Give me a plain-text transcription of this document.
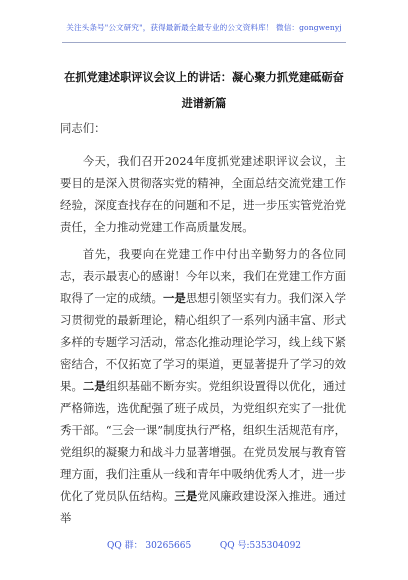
关注头条号"公文研究"，获得最新最全最专业的公文资料库！ 微信：gongwenyj
在抓党建述职评议会议上的讲话：凝心聚力抓党建砥砺奋
进谱新篇
同志们：
今天，我们召开2024年度抓党建述职评议会议，主要目的是深入贯彻落实党的精神，全面总结交流党建工作经验，深度查找存在的问题和不足，进一步压实管党治党责任，全力推动党建工作高质量发展。
首先，我要向在党建工作中付出辛勤努力的各位同志，表示最衷心的感谢！今年以来，我们在党建工作方面取得了一定的成绩。一是思想引领坚实有力。我们深入学习贯彻党的最新理论，精心组织了一系列内涵丰富、形式多样的专题学习活动，常态化推动理论学习，线上线下紧密结合，不仅拓宽了学习的渠道，更显著提升了学习的效果。二是组织基础不断夯实。党组织设置得以优化，通过严格筛选，选优配强了班子成员，为党组织充实了一批优秀干部。“三会一课”制度执行严格，组织生活规范有序，党组织的凝聚力和战斗力显著增强。在党员发展与教育管理方面，我们注重从一线和青年中吸纳优秀人才，进一步优化了党员队伍结构。三是党风廉政建设深入推进。通过举
QQ 群： 30265665          QQ 号:535304092
